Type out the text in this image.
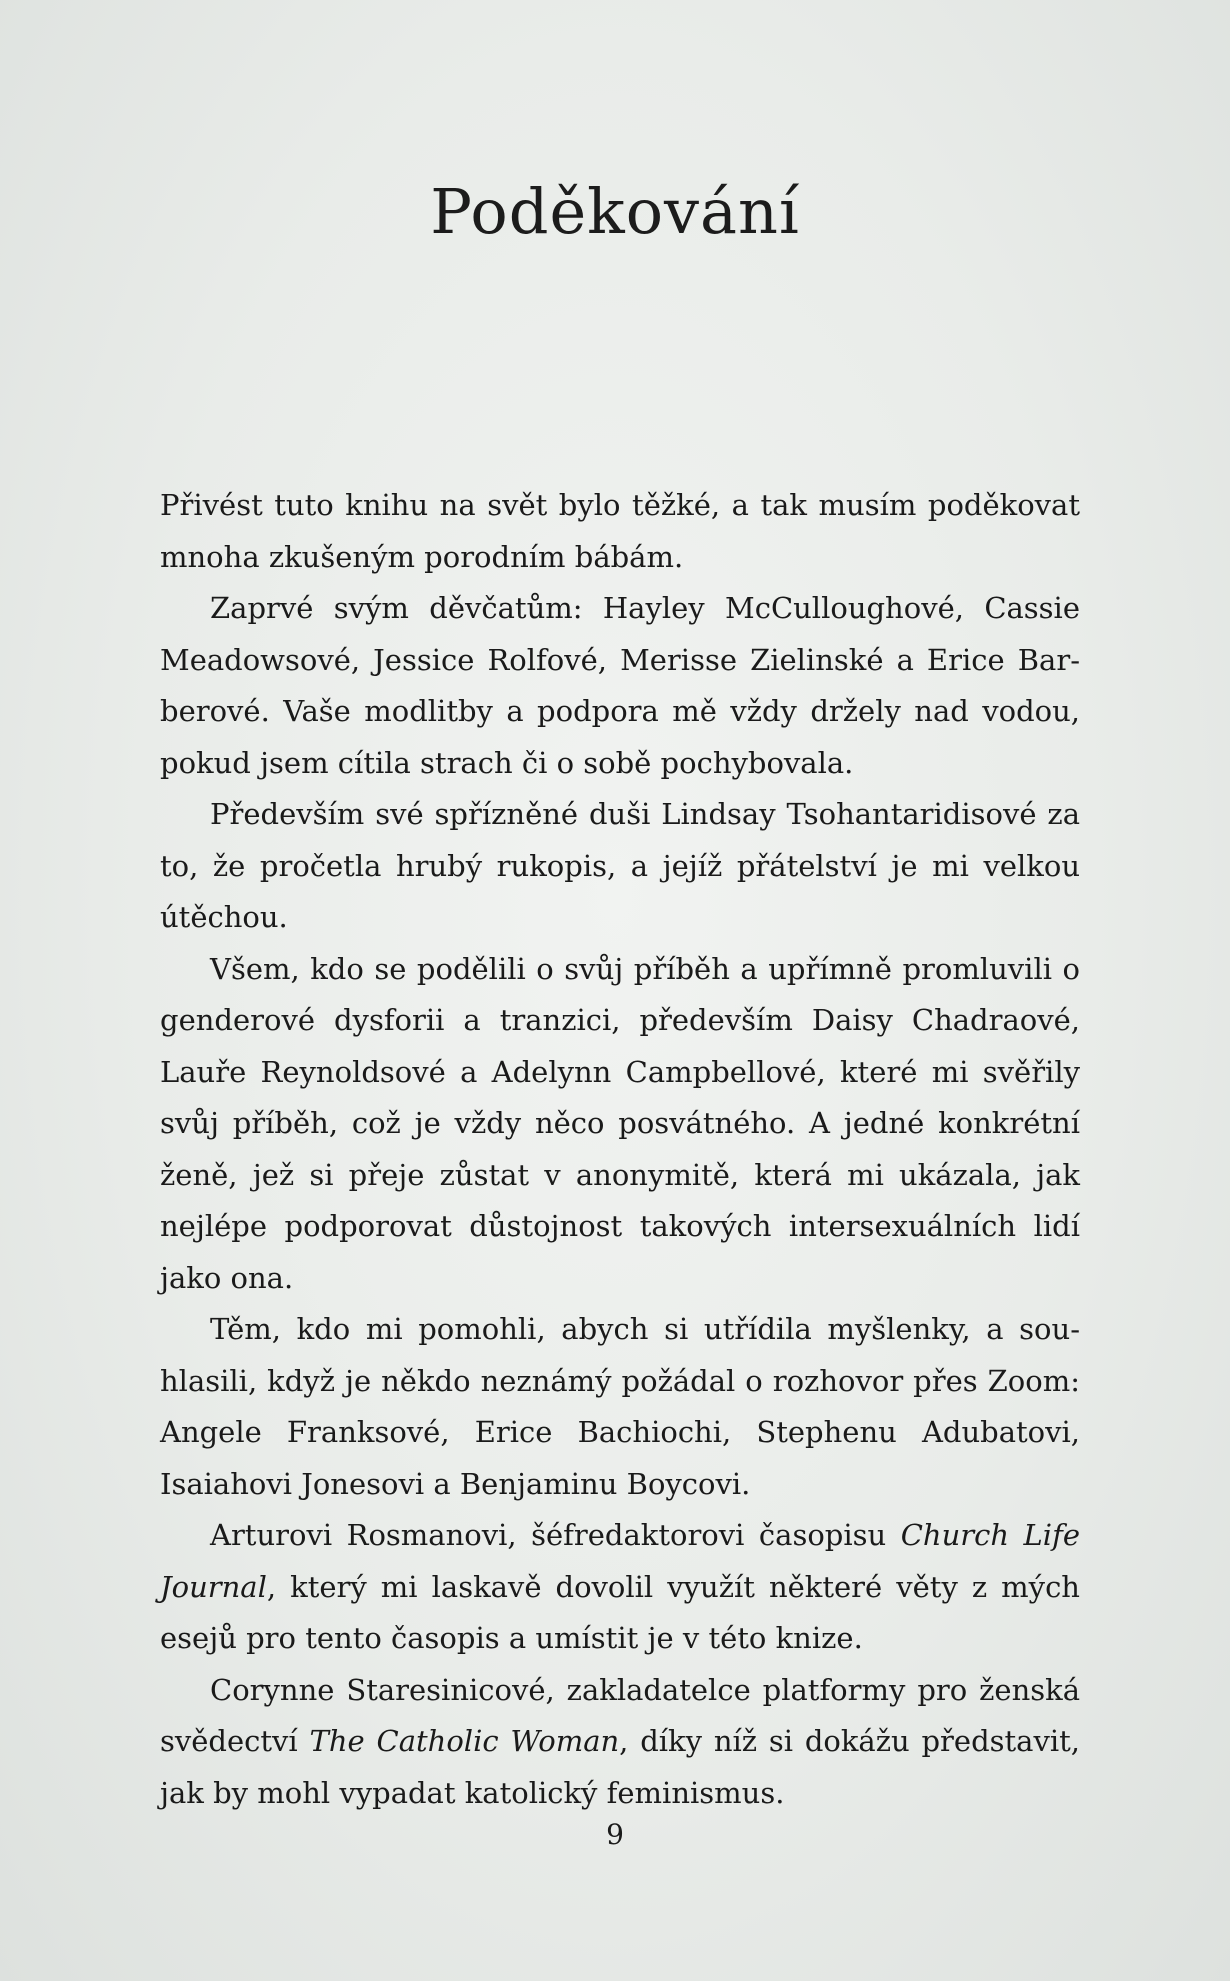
Poděkování

Přivést tuto knihu na svět bylo těžké, a tak musím poděkovat mnoha zkušeným porodním bábám.

Zaprvé svým děvčatům: Hayley McCulloughové, Cassie Meadowsové, Jessice Rolfové, Merisse Zielinské a Erice Barberové. Vaše modlitby a podpora mě vždy držely nad vodou, pokud jsem cítila strach či o sobě pochybovala.

Především své spřízněné duši Lindsay Tsohantaridisové za to, že pročetla hrubý rukopis, a jejíž přátelství je mi velkou útěchou.

Všem, kdo se podělili o svůj příběh a upřímně promluvili o genderové dysforii a tranzici, především Daisy Chadraové, Lauře Reynoldsové a Adelynn Campbellové, které mi svěřily svůj příběh, což je vždy něco posvátného. A jedné konkrétní ženě, jež si přeje zůstat v anonymitě, která mi ukázala, jak nejlépe podporovat důstojnost takových intersexuálních lidí jako ona.

Těm, kdo mi pomohli, abych si utřídila myšlenky, a souhlasili, když je někdo neznámý požádal o rozhovor přes Zoom: Angele Franksové, Erice Bachiochi, Stephenu Adubatovi, Isaiahovi Jonesovi a Benjaminu Boycovi.

Arturovi Rosmanovi, šéfredaktorovi časopisu Church Life Journal, který mi laskavě dovolil využít některé věty z mých esejů pro tento časopis a umístit je v této knize.

Corynne Staresinicové, zakladatelce platformy pro ženská svědectví The Catholic Woman, díky níž si dokážu představit, jak by mohl vypadat katolický feminismus.

9
